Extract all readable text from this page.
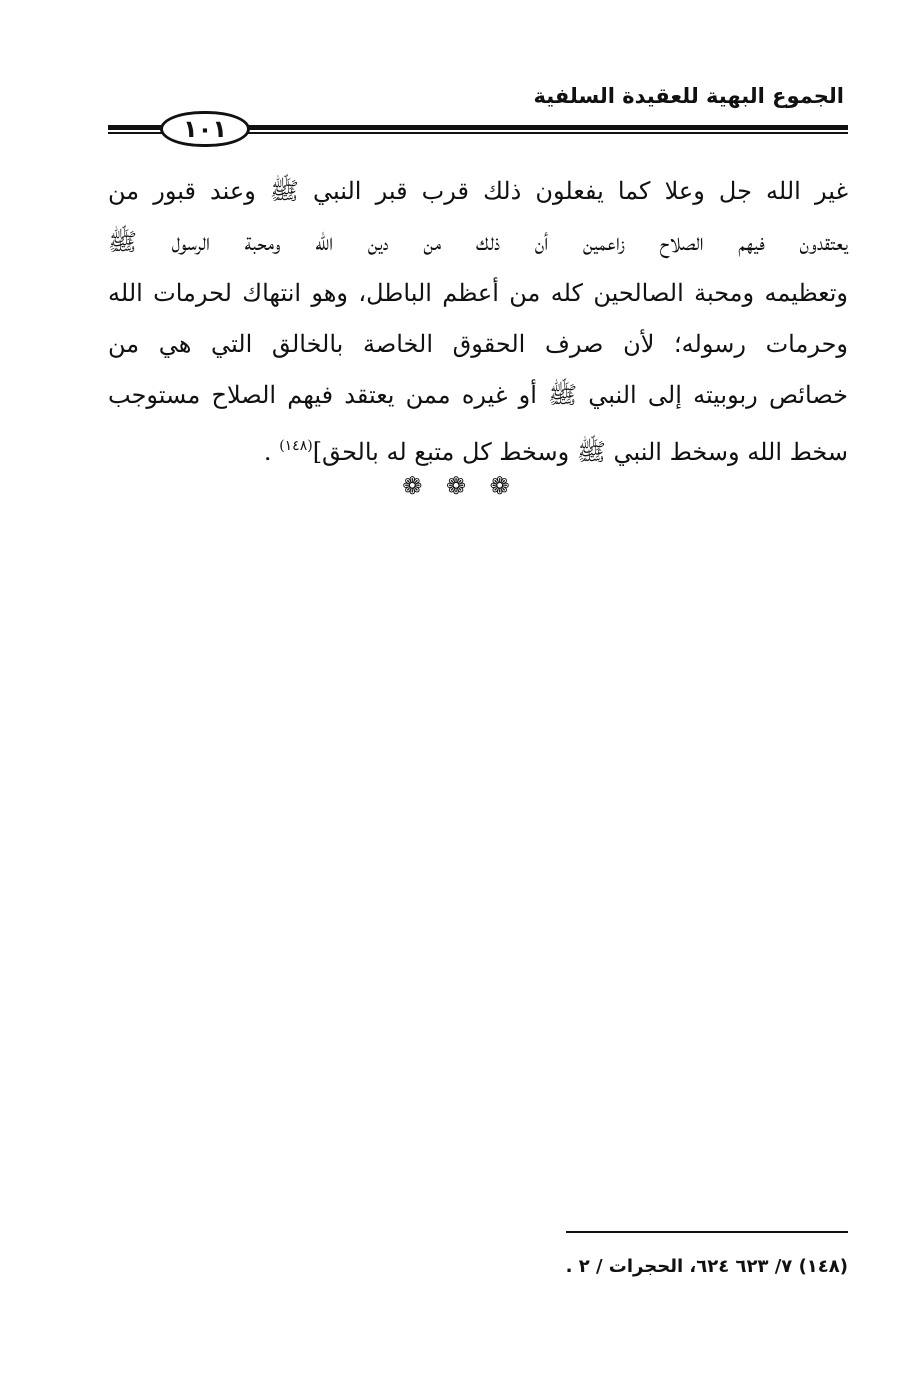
الجموع البهية للعقيدة السلفية
١٠١
غير الله جل وعلا كما يفعلون ذلك قرب قبر النبي ﷺ وعند قبور من
يعتقدون فيهم الصلاح زاعمين أن ذلك من دين الله ومحبة الرسول ﷺ
وتعظيمه ومحبة الصالحين كله من أعظم الباطل، وهو انتهاك لحرمات الله
وحرمات رسوله؛ لأن صرف الحقوق الخاصة بالخالق التي هي من
خصائص ربوبيته إلى النبي ﷺ أو غيره ممن يعتقد فيهم الصلاح مستوجب
سخط الله وسخط النبي ﷺ وسخط كل متبع له بالحق]$^{(١٤٨)}$ .
❁ ❁ ❁
(١٤٨) ٧/ ٦٢٣ ٦٢٤، الحجرات / ٢ .
